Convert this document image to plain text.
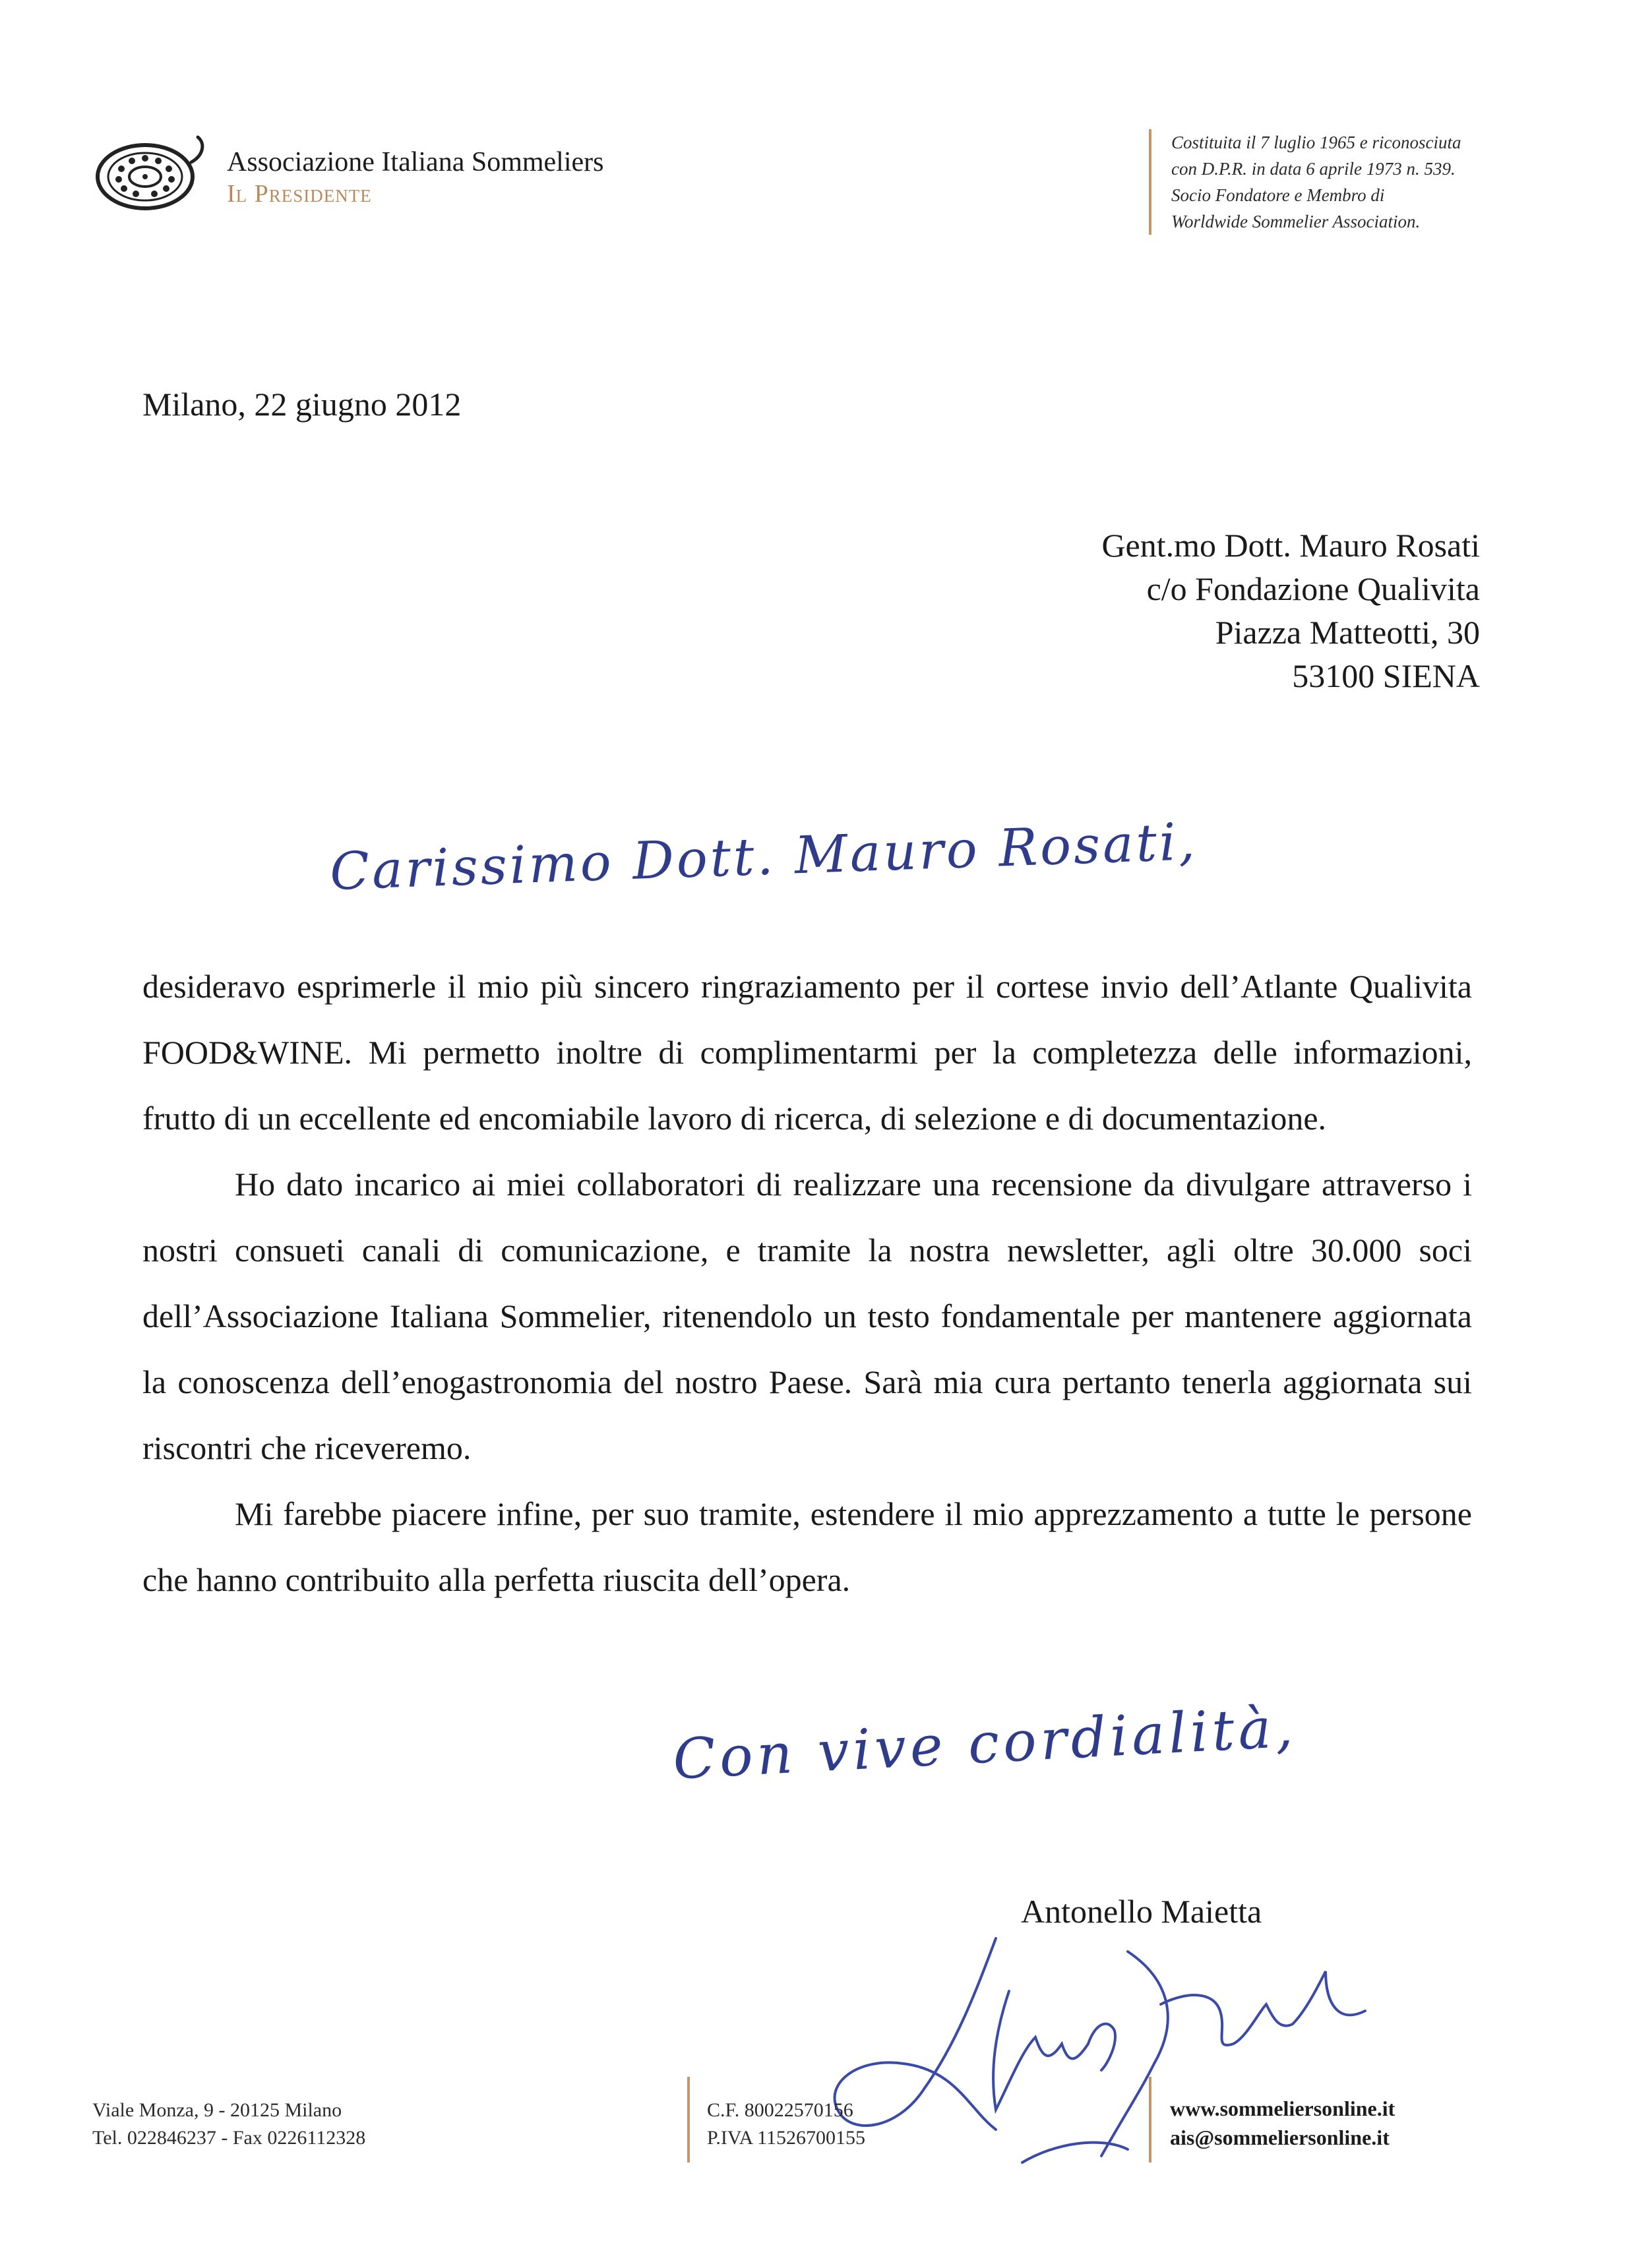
Associazione Italiana Sommeliers
Il Presidente
Costituita il 7 luglio 1965 e riconosciuta
con D.P.R. in data 6 aprile 1973 n. 539.
Socio Fondatore e Membro di
Worldwide Sommelier Association.
Milano, 22 giugno 2012
Gent.mo Dott. Mauro Rosati
c/o Fondazione Qualivita
Piazza Matteotti, 30
53100 SIENA
Carissimo Dott. Mauro Rosati,

desideravo esprimerle il mio più sincero ringraziamento per il cortese invio dell’Atlante Qualivita FOOD&WINE. Mi permetto inoltre di complimentarmi per la completezza delle informazioni, frutto di un eccellente ed encomiabile lavoro di ricerca, di selezione e di documentazione.

Ho dato incarico ai miei collaboratori di realizzare una recensione da divulgare attraverso i nostri consueti canali di comunicazione, e tramite la nostra newsletter, agli oltre 30.000 soci dell’Associazione Italiana Sommelier, ritenendolo un testo fondamentale per mantenere aggiornata la conoscenza dell’enogastronomia del nostro Paese. Sarà mia cura pertanto tenerla aggiornata sui riscontri che riceveremo.

Mi farebbe piacere infine, per suo tramite, estendere il mio apprezzamento a tutte le persone che hanno contribuito alla perfetta riuscita dell’opera.

Con vive cordialità,
Antonello Maietta
Viale Monza, 9 - 20125 Milano
Tel. 022846237 - Fax 0226112328
C.F. 80022570156
P.IVA 11526700155
www.sommeliersonline.it
ais@sommeliersonline.it
